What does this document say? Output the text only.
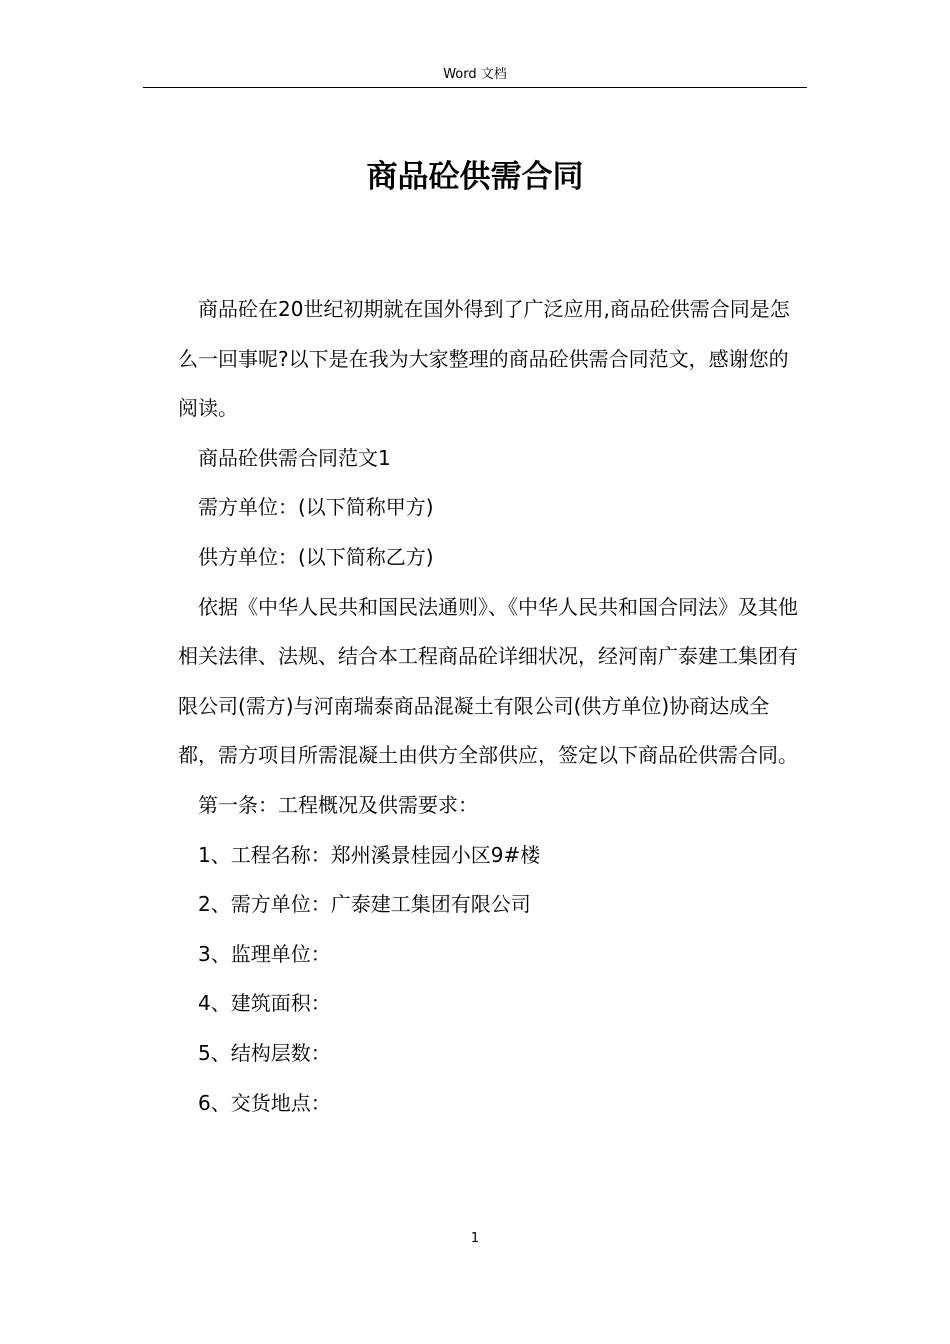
Word 文档
商品砼供需合同

商品砼在20世纪初期就在国外得到了广泛应用,商品砼供需合同是怎么一回事呢?以下是在我为大家整理的商品砼供需合同范文，感谢您的阅读。

商品砼供需合同范文1

需方单位：(以下简称甲方)

供方单位：(以下简称乙方)

依据《中华人民共和国民法通则》、《中华人民共和国合同法》及其他相关法律、法规、结合本工程商品砼详细状况，经河南广泰建工集团有限公司(需方)与河南瑞泰商品混凝土有限公司(供方单位)协商达成全都，需方项目所需混凝土由供方全部供应，签定以下商品砼供需合同。

第一条：工程概况及供需要求：

1、工程名称：郑州溪景桂园小区9#楼

2、需方单位：广泰建工集团有限公司

3、监理单位：

4、建筑面积：

5、结构层数：

6、交货地点：

1
